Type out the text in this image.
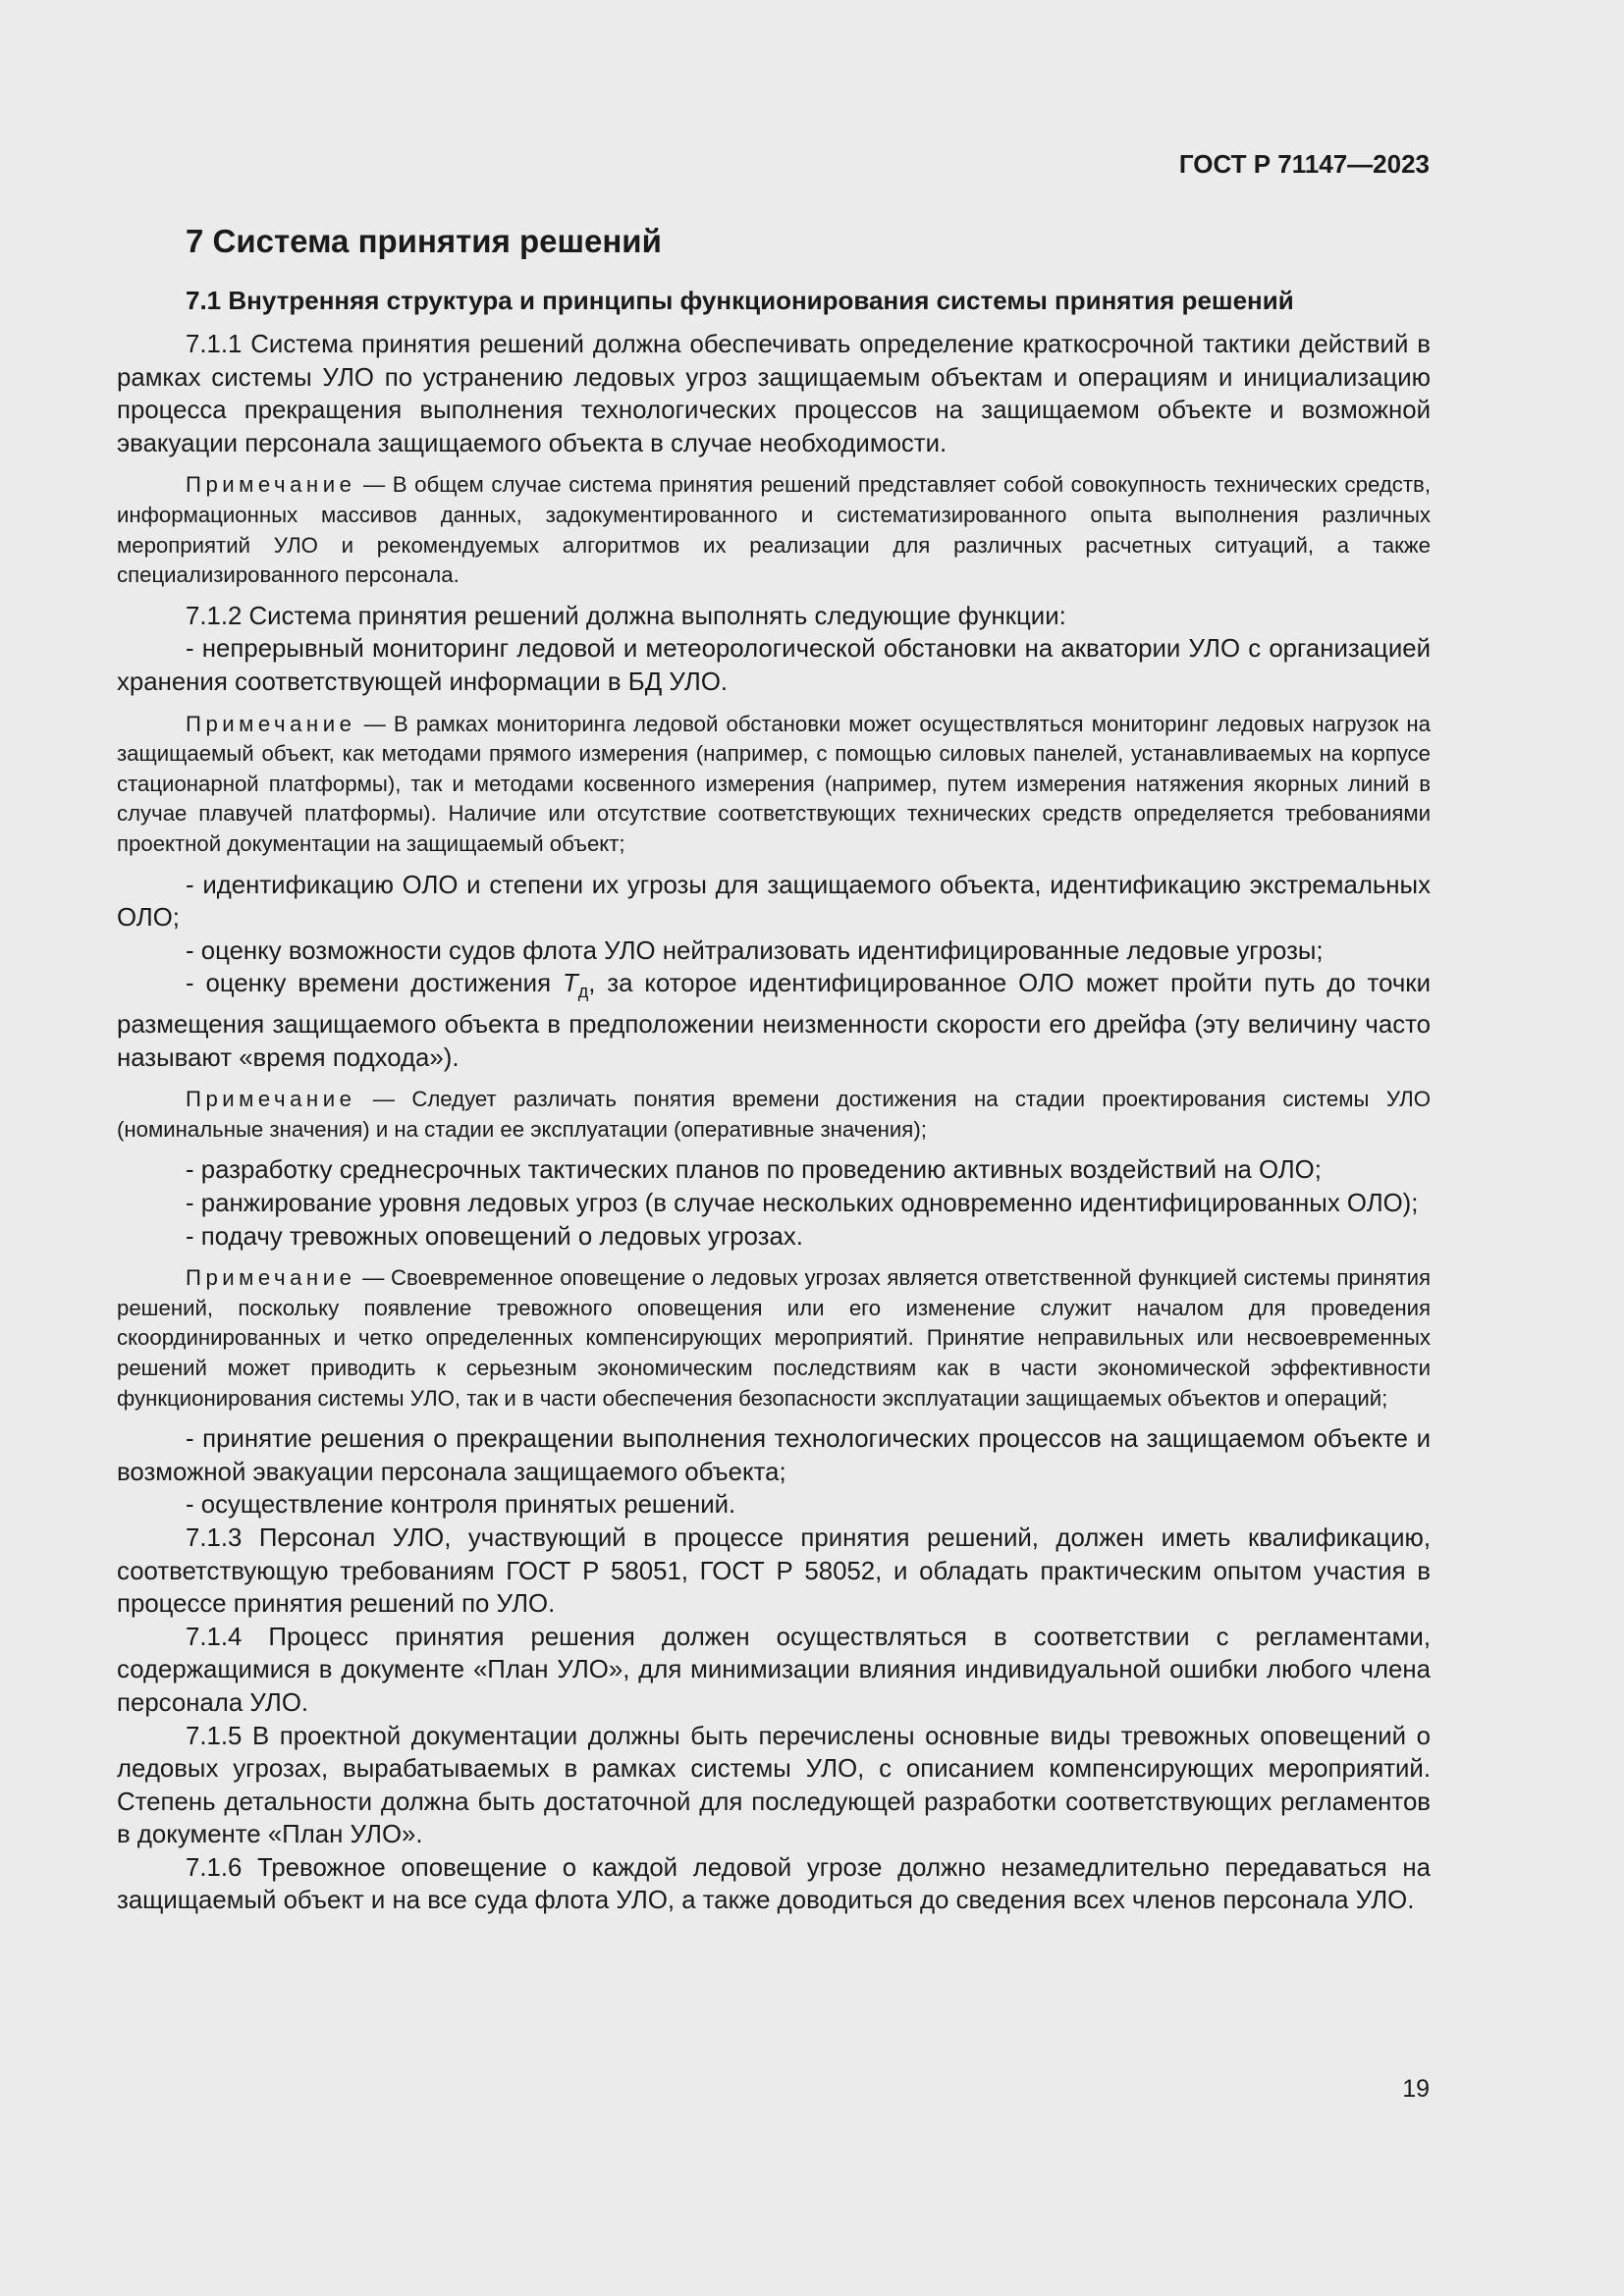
ГОСТ Р 71147—2023
7 Система принятия решений
7.1 Внутренняя структура и принципы функционирования системы принятия решений

7.1.1 Система принятия решений должна обеспечивать определение краткосрочной тактики действий в рамках системы УЛО по устранению ледовых угроз защищаемым объектам и операциям и инициализацию процесса прекращения выполнения технологических процессов на защищаемом объекте и возможной эвакуации персонала защищаемого объекта в случае необходимости.

Примечание — В общем случае система принятия решений представляет собой совокупность технических средств, информационных массивов данных, задокументированного и систематизированного опыта выполнения различных мероприятий УЛО и рекомендуемых алгоритмов их реализации для различных расчетных ситуаций, а также специализированного персонала.

7.1.2 Система принятия решений должна выполнять следующие функции:

- непрерывный мониторинг ледовой и метеорологической обстановки на акватории УЛО с организацией хранения соответствующей информации в БД УЛО.

Примечание — В рамках мониторинга ледовой обстановки может осуществляться мониторинг ледовых нагрузок на защищаемый объект, как методами прямого измерения (например, с помощью силовых панелей, устанавливаемых на корпусе стационарной платформы), так и методами косвенного измерения (например, путем измерения натяжения якорных линий в случае плавучей платформы). Наличие или отсутствие соответствующих технических средств определяется требованиями проектной документации на защищаемый объект;

- идентификацию ОЛО и степени их угрозы для защищаемого объекта, идентификацию экстремальных ОЛО;

- оценку возможности судов флота УЛО нейтрализовать идентифицированные ледовые угрозы;

- оценку времени достижения $T_д$, за которое идентифицированное ОЛО может пройти путь до точки размещения защищаемого объекта в предположении неизменности скорости его дрейфа (эту величину часто называют «время подхода»).

Примечание — Следует различать понятия времени достижения на стадии проектирования системы УЛО (номинальные значения) и на стадии ее эксплуатации (оперативные значения);

- разработку среднесрочных тактических планов по проведению активных воздействий на ОЛО;

- ранжирование уровня ледовых угроз (в случае нескольких одновременно идентифицированных ОЛО);

- подачу тревожных оповещений о ледовых угрозах.

Примечание — Своевременное оповещение о ледовых угрозах является ответственной функцией системы принятия решений, поскольку появление тревожного оповещения или его изменение служит началом для проведения скоординированных и четко определенных компенсирующих мероприятий. Принятие неправильных или несвоевременных решений может приводить к серьезным экономическим последствиям как в части экономической эффективности функционирования системы УЛО, так и в части обеспечения безопасности эксплуатации защищаемых объектов и операций;

- принятие решения о прекращении выполнения технологических процессов на защищаемом объекте и возможной эвакуации персонала защищаемого объекта;

- осуществление контроля принятых решений.

7.1.3 Персонал УЛО, участвующий в процессе принятия решений, должен иметь квалификацию, соответствующую требованиям ГОСТ Р 58051, ГОСТ Р 58052, и обладать практическим опытом участия в процессе принятия решений по УЛО.

7.1.4 Процесс принятия решения должен осуществляться в соответствии с регламентами, содержащимися в документе «План УЛО», для минимизации влияния индивидуальной ошибки любого члена персонала УЛО.

7.1.5 В проектной документации должны быть перечислены основные виды тревожных оповещений о ледовых угрозах, вырабатываемых в рамках системы УЛО, с описанием компенсирующих мероприятий. Степень детальности должна быть достаточной для последующей разработки соответствующих регламентов в документе «План УЛО».

7.1.6 Тревожное оповещение о каждой ледовой угрозе должно незамедлительно передаваться на защищаемый объект и на все суда флота УЛО, а также доводиться до сведения всех членов персонала УЛО.

19
